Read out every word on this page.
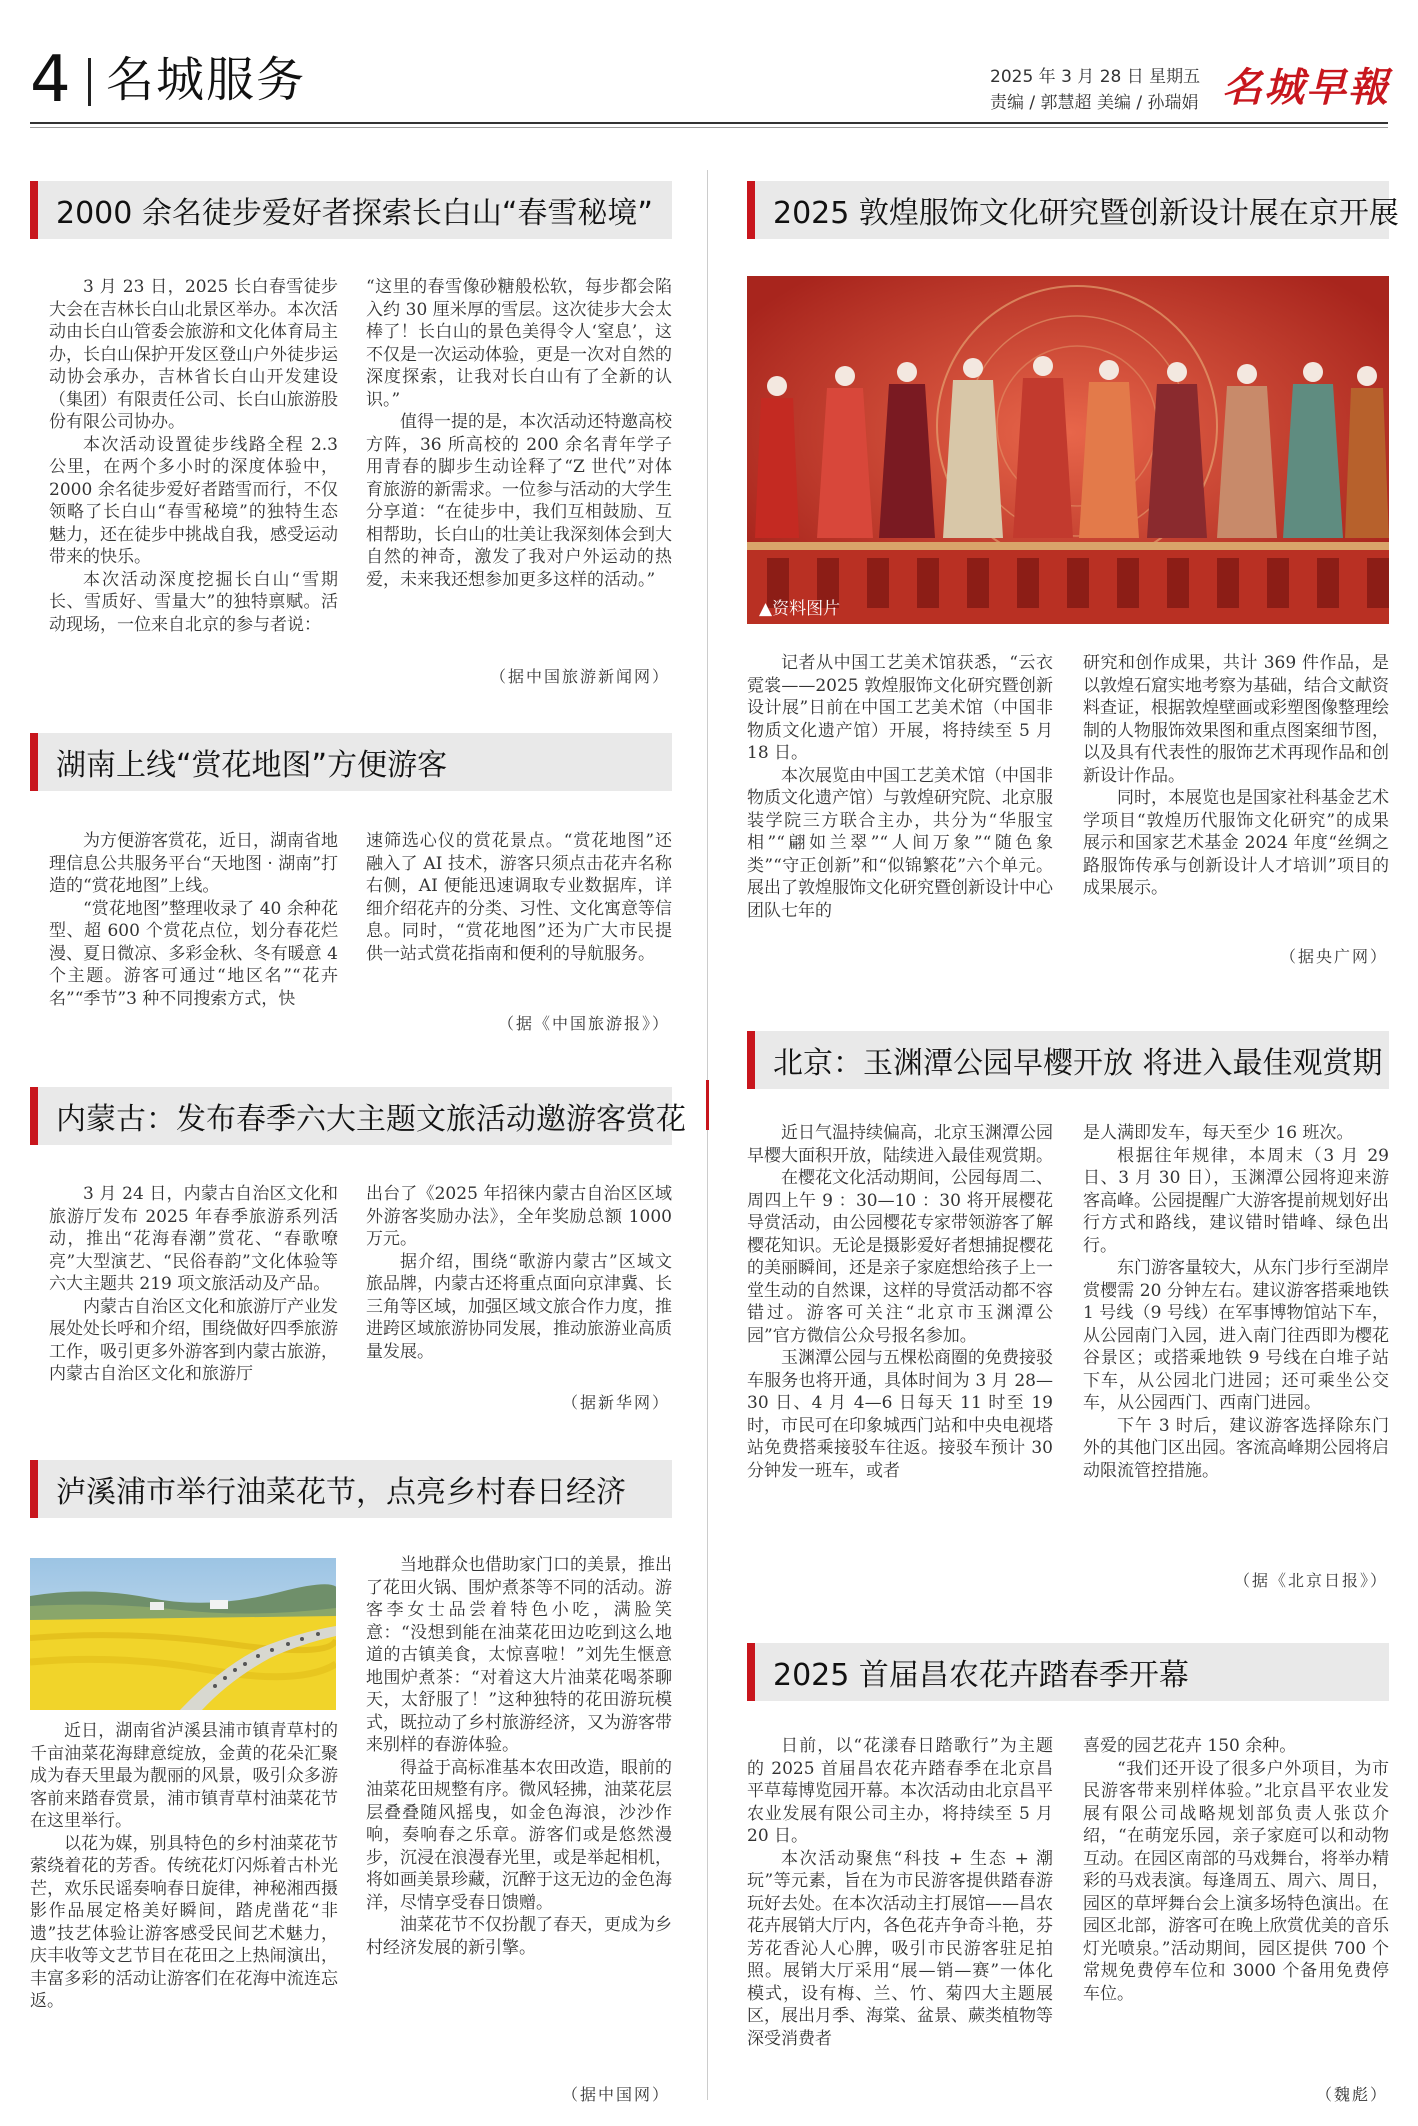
4 名城服务	2025 年 3 月 28 日 星期五
责编 / 郭慧超 美编 / 孙瑞娟 名城早報
2000 余名徒步爱好者探索长白山“春雪秘境”

3 月 23 日，2025 长白春雪徒步大会在吉林长白山北景区举办。本次活动由长白山管委会旅游和文化体育局主办，长白山保护开发区登山户外徒步运动协会承办，吉林省长白山开发建设（集团）有限责任公司、长白山旅游股份有限公司协办。

本次活动设置徒步线路全程 2.3 公里，在两个多小时的深度体验中，2000 余名徒步爱好者踏雪而行，不仅领略了长白山“春雪秘境”的独特生态魅力，还在徒步中挑战自我，感受运动带来的快乐。

本次活动深度挖掘长白山“雪期长、雪质好、雪量大”的独特禀赋。活动现场，一位来自北京的参与者说：

“这里的春雪像砂糖般松软，每步都会陷入约 30 厘米厚的雪层。这次徒步大会太棒了！长白山的景色美得令人‘窒息’，这不仅是一次运动体验，更是一次对自然的深度探索，让我对长白山有了全新的认识。”

值得一提的是，本次活动还特邀高校方阵，36 所高校的 200 余名青年学子用青春的脚步生动诠释了“Z 世代”对体育旅游的新需求。一位参与活动的大学生分享道：“在徒步中，我们互相鼓励、互相帮助，长白山的壮美让我深刻体会到大自然的神奇，激发了我对户外运动的热爱，未来我还想参加更多这样的活动。”

（据中国旅游新闻网）
湖南上线“赏花地图”方便游客

为方便游客赏花，近日，湖南省地理信息公共服务平台“天地图 · 湖南”打造的“赏花地图”上线。

“赏花地图”整理收录了 40 余种花型、超 600 个赏花点位，划分春花烂漫、夏日微凉、多彩金秋、冬有暖意 4 个主题。游客可通过“地区名”“花卉名”“季节”3 种不同搜索方式，快

速筛选心仪的赏花景点。“赏花地图”还融入了 AI 技术，游客只须点击花卉名称右侧，AI 便能迅速调取专业数据库，详细介绍花卉的分类、习性、文化寓意等信息。同时，“赏花地图”还为广大市民提供一站式赏花指南和便利的导航服务。

（据《中国旅游报》）
内蒙古：发布春季六大主题文旅活动邀游客赏花

3 月 24 日，内蒙古自治区文化和旅游厅发布 2025 年春季旅游系列活动，推出“花海春潮”赏花、“春歌嘹亮”大型演艺、“民俗春韵”文化体验等六大主题共 219 项文旅活动及产品。

内蒙古自治区文化和旅游厅产业发展处处长呼和介绍，围绕做好四季旅游工作，吸引更多外游客到内蒙古旅游，内蒙古自治区文化和旅游厅

出台了《2025 年招徕内蒙古自治区区域外游客奖励办法》，全年奖励总额 1000 万元。

据介绍，围绕“歌游内蒙古”区域文旅品牌，内蒙古还将重点面向京津冀、长三角等区域，加强区域文旅合作力度，推进跨区域旅游协同发展，推动旅游业高质量发展。

（据新华网）
泸溪浦市举行油菜花节，点亮乡村春日经济

近日，湖南省泸溪县浦市镇青草村的千亩油菜花海肆意绽放，金黄的花朵汇聚成为春天里最为靓丽的风景，吸引众多游客前来踏春赏景，浦市镇青草村油菜花节在这里举行。

以花为媒，别具特色的乡村油菜花节萦绕着花的芳香。传统花灯闪烁着古朴光芒，欢乐民谣奏响春日旋律，神秘湘西摄影作品展定格美好瞬间，踏虎凿花“非遗”技艺体验让游客感受民间艺术魅力，庆丰收等文艺节目在花田之上热闹演出，丰富多彩的活动让游客们在花海中流连忘返。

当地群众也借助家门口的美景，推出了花田火锅、围炉煮茶等不同的活动。游客李女士品尝着特色小吃，满脸笑意：“没想到能在油菜花田边吃到这么地道的古镇美食，太惊喜啦！”刘先生惬意地围炉煮茶：“对着这大片油菜花喝茶聊天，太舒服了！”这种独特的花田游玩模式，既拉动了乡村旅游经济，又为游客带来别样的春游体验。

得益于高标准基本农田改造，眼前的油菜花田规整有序。微风轻拂，油菜花层层叠叠随风摇曳，如金色海浪，沙沙作响，奏响春之乐章。游客们或是悠然漫步，沉浸在浪漫春光里，或是举起相机，将如画美景珍藏，沉醉于这无边的金色海洋，尽情享受春日馈赠。

油菜花节不仅扮靓了春天，更成为乡村经济发展的新引擎。

（据中国网）
2025 敦煌服饰文化研究暨创新设计展在京开展
▲资料图片

记者从中国工艺美术馆获悉，“云衣霓裳——2025 敦煌服饰文化研究暨创新设计展”日前在中国工艺美术馆（中国非物质文化遗产馆）开展，将持续至 5 月 18 日。

本次展览由中国工艺美术馆（中国非物质文化遗产馆）与敦煌研究院、北京服装学院三方联合主办，共分为“华服宝相”“翩如兰翠”“人间万象”“随色象类”“守正创新”和“似锦繁花”六个单元。展出了敦煌服饰文化研究暨创新设计中心团队七年的

研究和创作成果，共计 369 件作品，是以敦煌石窟实地考察为基础，结合文献资料查证，根据敦煌壁画或彩塑图像整理绘制的人物服饰效果图和重点图案细节图，以及具有代表性的服饰艺术再现作品和创新设计作品。

同时，本展览也是国家社科基金艺术学项目“敦煌历代服饰文化研究”的成果展示和国家艺术基金 2024 年度“丝绸之路服饰传承与创新设计人才培训”项目的成果展示。

（据央广网）
北京：玉渊潭公园早樱开放 将进入最佳观赏期

近日气温持续偏高，北京玉渊潭公园早樱大面积开放，陆续进入最佳观赏期。

在樱花文化活动期间，公园每周二、周四上午 9 ：30—10 ：30 将开展樱花导赏活动，由公园樱花专家带领游客了解樱花知识。无论是摄影爱好者想捕捉樱花的美丽瞬间，还是亲子家庭想给孩子上一堂生动的自然课，这样的导赏活动都不容错过。游客可关注“北京市玉渊潭公园”官方微信公众号报名参加。

玉渊潭公园与五棵松商圈的免费接驳车服务也将开通，具体时间为 3 月 28—30 日、4 月 4—6 日每天 11 时至 19 时，市民可在印象城西门站和中央电视塔站免费搭乘接驳车往返。接驳车预计 30 分钟发一班车，或者

是人满即发车，每天至少 16 班次。

根据往年规律，本周末（3 月 29 日、3 月 30 日），玉渊潭公园将迎来游客高峰。公园提醒广大游客提前规划好出行方式和路线，建议错时错峰、绿色出行。

东门游客量较大，从东门步行至湖岸赏樱需 20 分钟左右。建议游客搭乘地铁 1 号线（9 号线）在军事博物馆站下车，从公园南门入园，进入南门往西即为樱花谷景区；或搭乘地铁 9 号线在白堆子站下车，从公园北门进园；还可乘坐公交车，从公园西门、西南门进园。

下午 3 时后，建议游客选择除东门外的其他门区出园。客流高峰期公园将启动限流管控措施。

（据《北京日报》）
2025 首届昌农花卉踏春季开幕

日前，以“花漾春日踏歌行”为主题的 2025 首届昌农花卉踏春季在北京昌平草莓博览园开幕。本次活动由北京昌平农业发展有限公司主办，将持续至 5 月 20 日。

本次活动聚焦“科技 + 生态 + 潮玩”等元素，旨在为市民游客提供踏春游玩好去处。在本次活动主打展馆——昌农花卉展销大厅内，各色花卉争奇斗艳，芬芳花香沁人心脾，吸引市民游客驻足拍照。展销大厅采用“展—销—赛”一体化模式，设有梅、兰、竹、菊四大主题展区，展出月季、海棠、盆景、蕨类植物等深受消费者

喜爱的园艺花卉 150 余种。

“我们还开设了很多户外项目，为市民游客带来别样体验。”北京昌平农业发展有限公司战略规划部负责人张苡介绍，“在萌宠乐园，亲子家庭可以和动物互动。在园区南部的马戏舞台，将举办精彩的马戏表演。每逢周五、周六、周日，园区的草坪舞台会上演多场特色演出。在园区北部，游客可在晚上欣赏优美的音乐灯光喷泉。”活动期间，园区提供 700 个常规免费停车位和 3000 个备用免费停车位。

（魏彪）
